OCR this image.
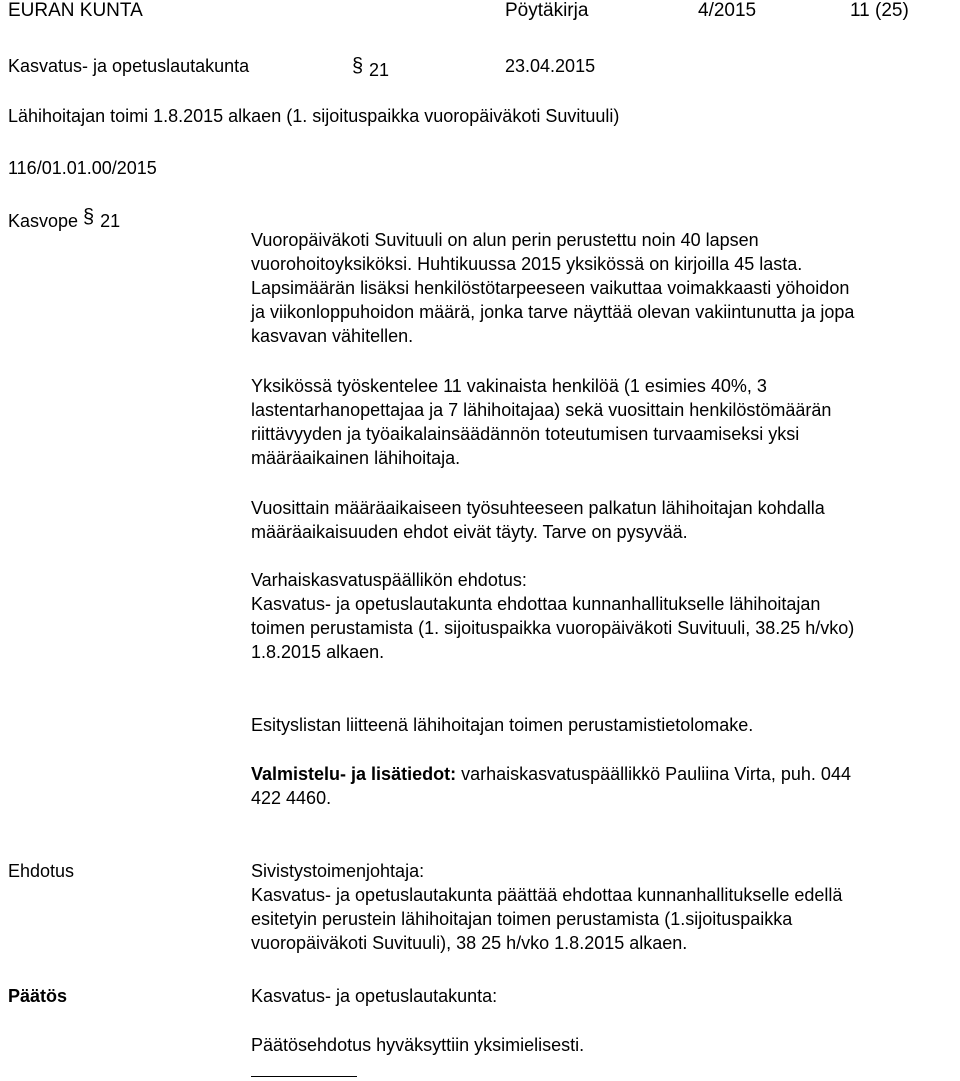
EURAN KUNTA	Pöytäkirja	4/2015	11 (25)
Kasvatus- ja opetuslautakunta	§ 21	23.04.2015
Lähihoitajan toimi 1.8.2015 alkaen (1. sijoituspaikka vuoropäiväkoti Suvituuli)
116/01.01.00/2015
Kasvope § 21
Vuoropäiväkoti Suvituuli on alun perin perustettu noin 40 lapsen
vuorohoitoyksiköksi. Huhtikuussa 2015 yksikössä on kirjoilla 45 lasta.
Lapsimäärän lisäksi henkilöstötarpeeseen vaikuttaa voimakkaasti yöhoidon
ja viikonloppuhoidon määrä, jonka tarve näyttää olevan vakiintunutta ja jopa
kasvavan vähitellen.
Yksikössä työskentelee 11 vakinaista henkilöä (1 esimies 40%, 3
lastentarhanopettajaa ja 7 lähihoitajaa) sekä vuosittain henkilöstömäärän
riittävyyden ja työaikalainsäädännön toteutumisen turvaamiseksi yksi
määräaikainen lähihoitaja.
Vuosittain määräaikaiseen työsuhteeseen palkatun lähihoitajan kohdalla
määräaikaisuuden ehdot eivät täyty. Tarve on pysyvää.
Varhaiskasvatuspäällikön ehdotus:
Kasvatus- ja opetuslautakunta ehdottaa kunnanhallitukselle lähihoitajan
toimen perustamista (1. sijoituspaikka vuoropäiväkoti Suvituuli, 38.25 h/vko)
1.8.2015 alkaen.
Esityslistan liitteenä lähihoitajan toimen perustamistietolomake.
Valmistelu- ja lisätiedot: varhaiskasvatuspäällikkö Pauliina Virta, puh. 044
422 4460.
Ehdotus	Sivistystoimenjohtaja:
Kasvatus- ja opetuslautakunta päättää ehdottaa kunnanhallitukselle edellä
esitetyin perustein lähihoitajan toimen perustamista (1.sijoituspaikka
vuoropäiväkoti Suvituuli), 38 25 h/vko 1.8.2015 alkaen.
Päätös	Kasvatus- ja opetuslautakunta:
Päätösehdotus hyväksyttiin yksimielisesti.
